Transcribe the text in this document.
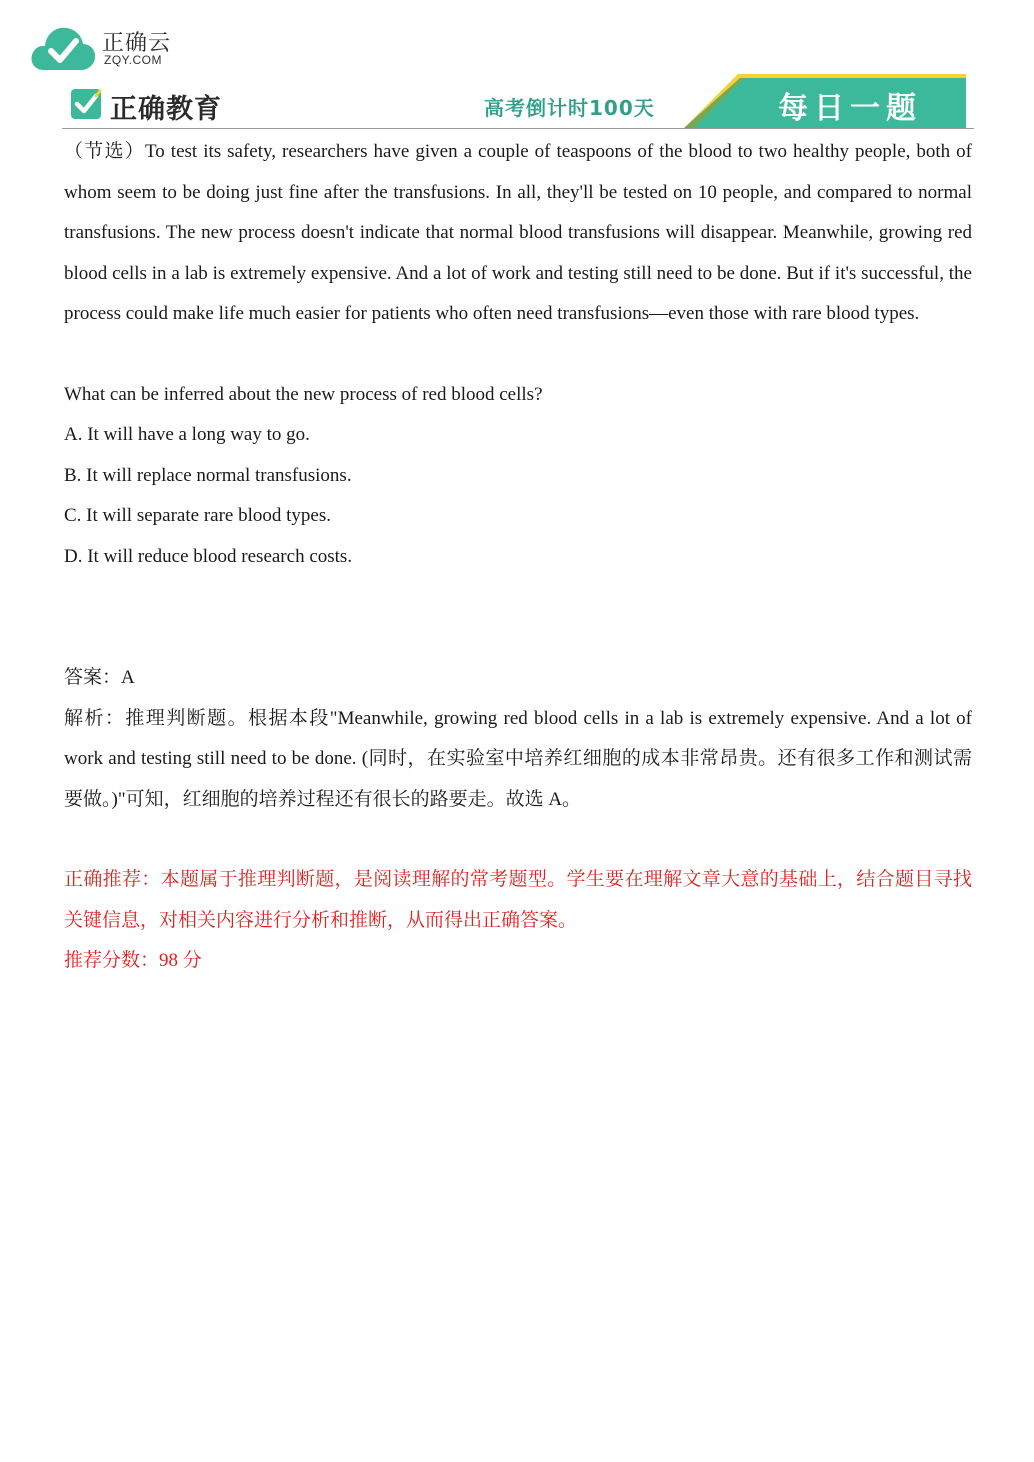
正确云
ZQY.COM
正确教育	高考倒计时100天	每日一题

（节选）To test its safety, researchers have given a couple of teaspoons of the blood to two healthy people, both of whom seem to be doing just fine after the transfusions. In all, they'll be tested on 10 people, and compared to normal transfusions. The new process doesn't indicate that normal blood transfusions will disappear. Meanwhile, growing red blood cells in a lab is extremely expensive. And a lot of work and testing still need to be done. But if it's successful, the process could make life much easier for patients who often need transfusions—even those with rare blood types.

What can be inferred about the new process of red blood cells?

A. It will have a long way to go.

B. It will replace normal transfusions.

C. It will separate rare blood types.

D. It will reduce blood research costs.

答案：A

解析：推理判断题。根据本段"Meanwhile, growing red blood cells in a lab is extremely expensive. And a lot of work and testing still need to be done. (同时，在实验室中培养红细胞的成本非常昂贵。还有很多工作和测试需要做。)"可知，红细胞的培养过程还有很长的路要走。故选 A。

正确推荐：本题属于推理判断题，是阅读理解的常考题型。学生要在理解文章大意的基础上，结合题目寻找关键信息，对相关内容进行分析和推断，从而得出正确答案。

推荐分数：98 分
